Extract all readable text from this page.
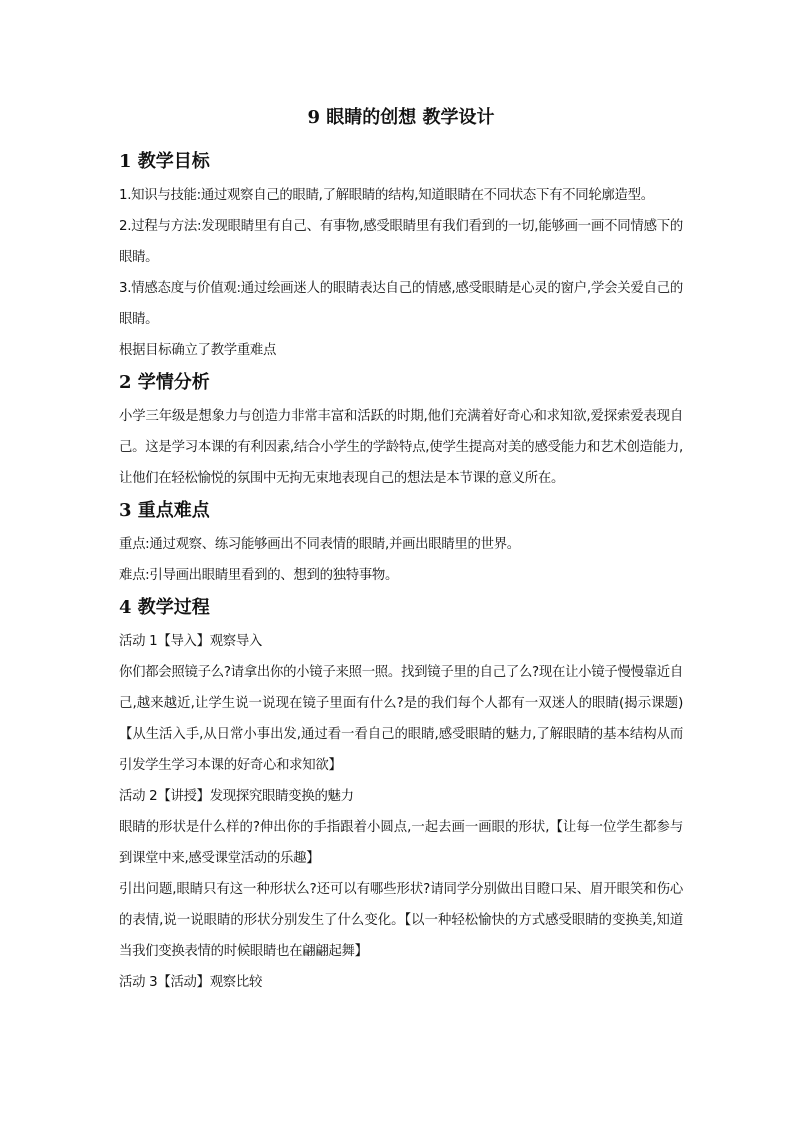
9 眼睛的创想 教学设计
1 教学目标

1.知识与技能:通过观察自己的眼睛,了解眼睛的结构,知道眼睛在不同状态下有不同轮廓造型。

2.过程与方法:发现眼睛里有自己、有事物,感受眼睛里有我们看到的一切,能够画一画不同情感下的眼睛。

3.情感态度与价值观:通过绘画迷人的眼睛表达自己的情感,感受眼睛是心灵的窗户,学会关爱自己的眼睛。

根据目标确立了教学重难点

2 学情分析

小学三年级是想象力与创造力非常丰富和活跃的时期,他们充满着好奇心和求知欲,爱探索爱表现自己。这是学习本课的有利因素,结合小学生的学龄特点,使学生提高对美的感受能力和艺术创造能力,让他们在轻松愉悦的氛围中无拘无束地表现自己的想法是本节课的意义所在。

3 重点难点

重点:通过观察、练习能够画出不同表情的眼睛,并画出眼睛里的世界。

难点:引导画出眼睛里看到的、想到的独特事物。

4 教学过程

活动 1【导入】观察导入

你们都会照镜子么?请拿出你的小镜子来照一照。找到镜子里的自己了么?现在让小镜子慢慢靠近自己,越来越近,让学生说一说现在镜子里面有什么?是的我们每个人都有一双迷人的眼睛(揭示课题)【从生活入手,从日常小事出发,通过看一看自己的眼睛,感受眼睛的魅力,了解眼睛的基本结构从而引发学生学习本课的好奇心和求知欲】

活动 2【讲授】发现探究眼睛变换的魅力

眼睛的形状是什么样的?伸出你的手指跟着小圆点,一起去画一画眼的形状,【让每一位学生都参与到课堂中来,感受课堂活动的乐趣】

引出问题,眼睛只有这一种形状么?还可以有哪些形状?请同学分别做出目瞪口呆、眉开眼笑和伤心的表情,说一说眼睛的形状分别发生了什么变化。【以一种轻松愉快的方式感受眼睛的变换美,知道当我们变换表情的时候眼睛也在翩翩起舞】

活动 3【活动】观察比较
